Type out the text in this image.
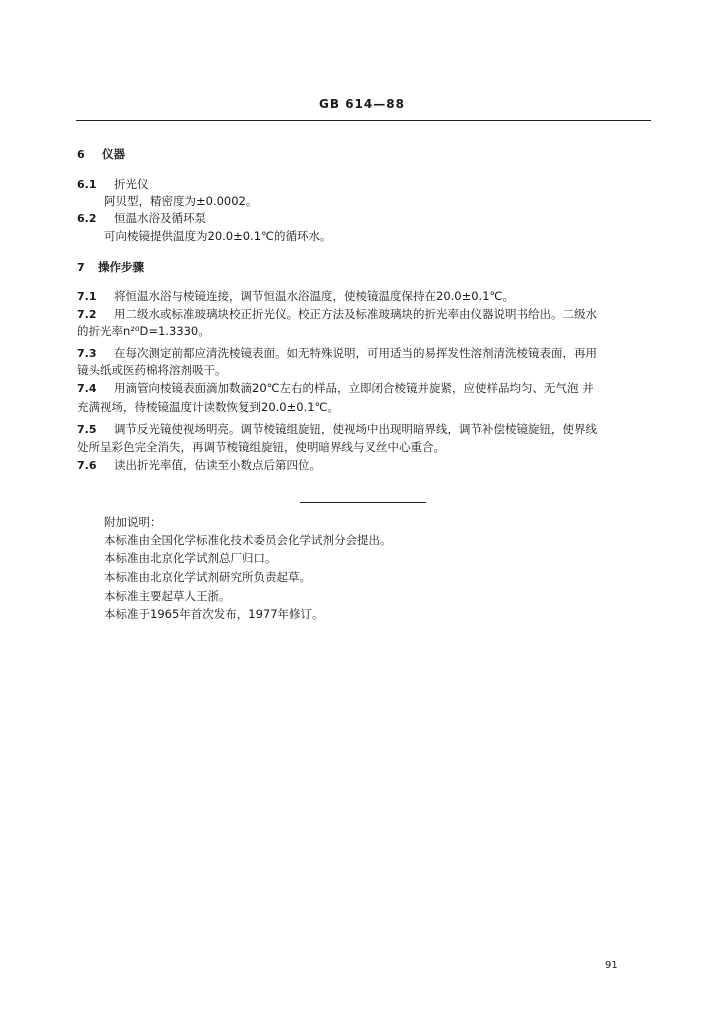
GB 614—88
6 仪器
6.1 折光仪
阿贝型，精密度为±0.0002。
6.2 恒温水浴及循环泵
可向棱镜提供温度为20.0±0.1℃的循环水。
7 操作步骤
7.1 将恒温水浴与棱镜连接，调节恒温水浴温度，使棱镜温度保持在20.0±0.1℃。
7.2 用二级水或标准玻璃块校正折光仪。校正方法及标准玻璃块的折光率由仪器说明书给出。二级水
的折光率n²⁰D=1.3330。
7.3 在每次测定前都应清洗棱镜表面。如无特殊说明，可用适当的易挥发性溶剂清洗棱镜表面，再用
镜头纸或医药棉将溶剂吸干。
7.4 用滴管向棱镜表面滴加数滴20℃左右的样品，立即闭合棱镜并旋紧，应使样品均匀、无气泡 并
充满视场，待棱镜温度计读数恢复到20.0±0.1℃。
7.5 调节反光镜使视场明亮。调节棱镜组旋钮，使视场中出现明暗界线，调节补偿棱镜旋钮，使界线
处所呈彩色完全消失，再调节棱镜组旋钮，使明暗界线与叉丝中心重合。
7.6 读出折光率值，估读至小数点后第四位。
附加说明：
本标准由全国化学标准化技术委员会化学试剂分会提出。
本标准由北京化学试剂总厂归口。
本标准由北京化学试剂研究所负责起草。
本标准主要起草人王浙。
本标准于1965年首次发布，1977年修订。
91
